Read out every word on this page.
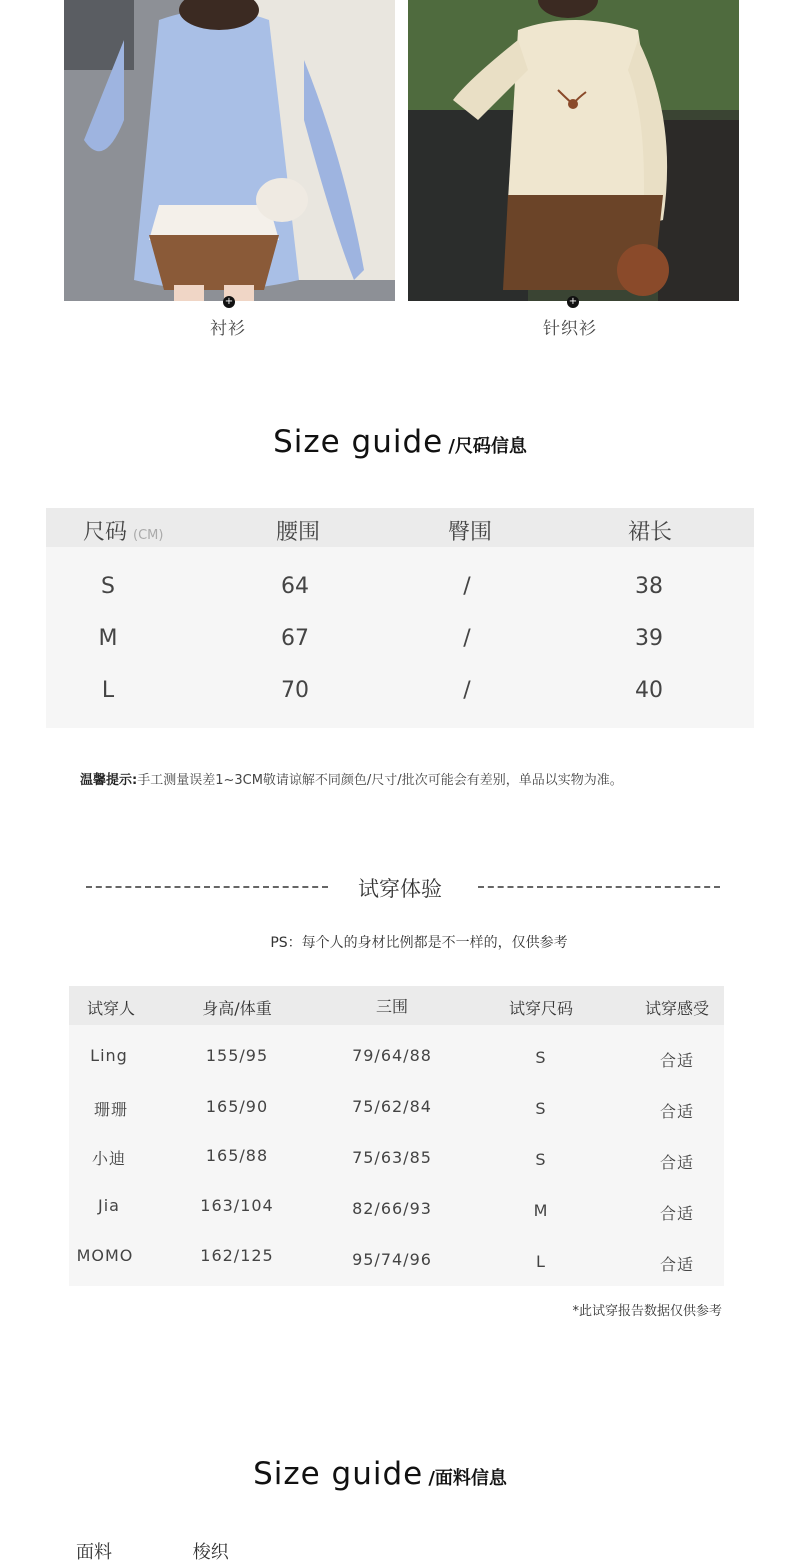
+
衬衫
+
针织衫
Size guide /尺码信息
尺码 (CM)	腰围	臀围	裙长
S	64	/	38
M	67	/	39
L	70	/	40
温馨提示:手工测量误差1~3CM敬请谅解不同颜色/尺寸/批次可能会有差别，单品以实物为准。
试穿体验
PS：每个人的身材比例都是不一样的，仅供参考
试穿人	身高/体重	三围	试穿尺码	试穿感受
Ling	155/95	79/64/88	S	合适
珊珊	165/90	75/62/84	S	合适
小迪	165/88	75/63/85	S	合适
Jia	163/104	82/66/93	M	合适
MOMO	162/125	95/74/96	L	合适
*此试穿报告数据仅供参考
Size guide /面料信息
面料	梭织
